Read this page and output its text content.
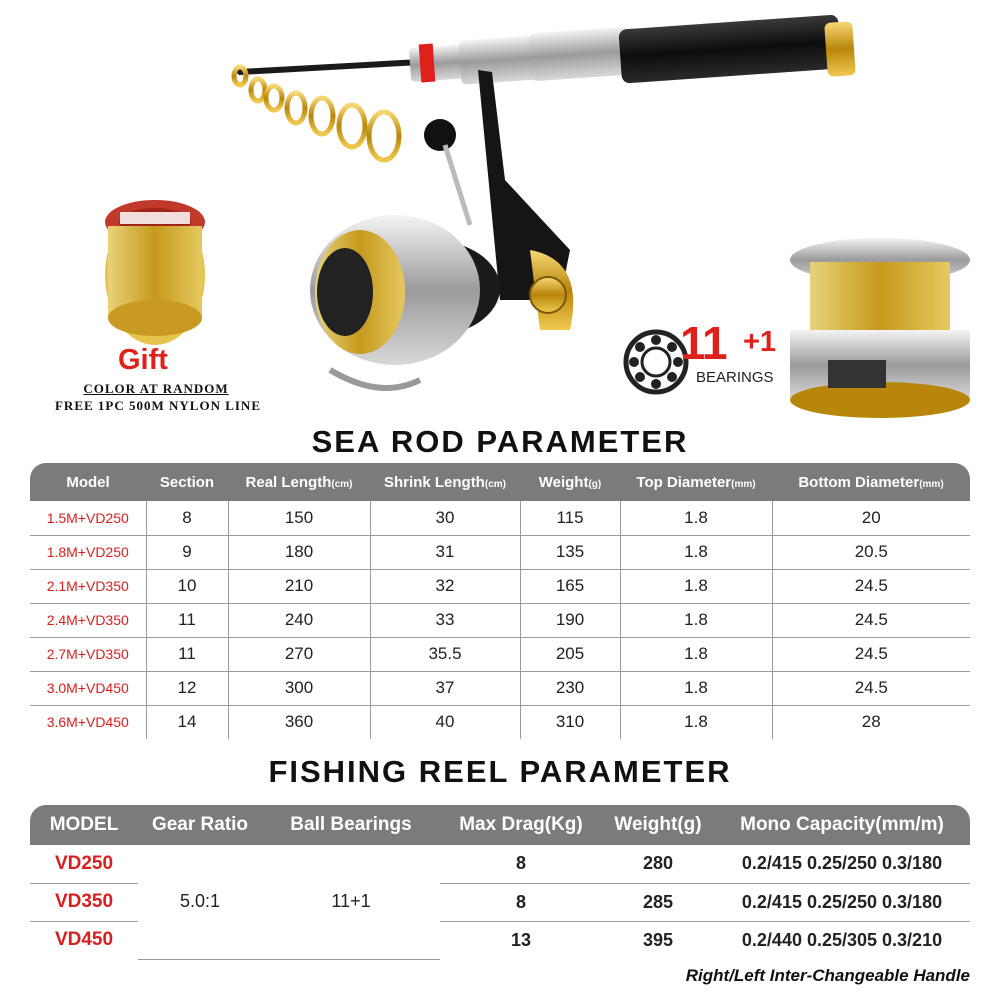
Gift
COLOR AT RANDOM
FREE 1PC 500M NYLON LINE
11 +1
BEARINGS
SEA ROD PARAMETER
Model	Section	Real Length(cm)	Shrink Length(cm)	Weight(g)	Top Diameter(mm)	Bottom Diameter(mm)
1.5M+VD250	8	150	30	115	1.8	20
1.8M+VD250	9	180	31	135	1.8	20.5
2.1M+VD350	10	210	32	165	1.8	24.5
2.4M+VD350	11	240	33	190	1.8	24.5
2.7M+VD350	11	270	35.5	205	1.8	24.5
3.0M+VD450	12	300	37	230	1.8	24.5
3.6M+VD450	14	360	40	310	1.8	28
FISHING REEL PARAMETER
MODEL	Gear Ratio	Ball Bearings	Max Drag(Kg)	Weight(g)	Mono Capacity(mm/m)
VD250	5.0:1	11+1	8	280	0.2/415 0.25/250 0.3/180
VD350			8	285	0.2/415 0.25/250 0.3/180
VD450			13	395	0.2/440 0.25/305 0.3/210
Right/Left Inter-Changeable Handle
